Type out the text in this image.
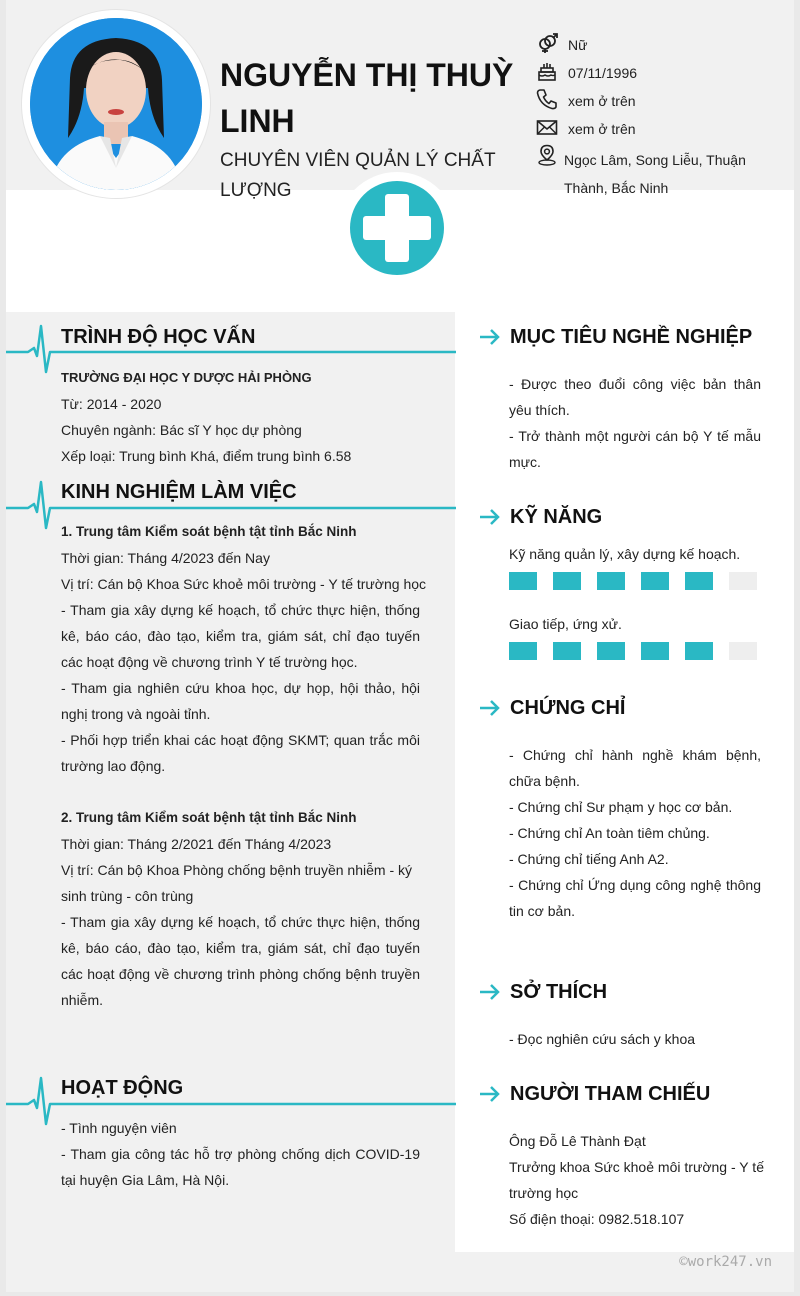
NGUYỄN THỊ THUỲ LINH
CHUYÊN VIÊN QUẢN LÝ CHẤT LƯỢNG
Nữ
07/11/1996
xem ở trên
xem ở trên
Ngọc Lâm, Song Liễu, Thuận Thành, Bắc Ninh
TRÌNH ĐỘ HỌC VẤN
TRƯỜNG ĐẠI HỌC Y DƯỢC HẢI PHÒNG
Từ: 2014 - 2020
Chuyên ngành: Bác sĩ Y học dự phòng
Xếp loại: Trung bình Khá, điểm trung bình 6.58
KINH NGHIỆM LÀM VIỆC
1. Trung tâm Kiểm soát bệnh tật tỉnh Bắc Ninh
Thời gian: Tháng 4/2023 đến Nay
Vị trí: Cán bộ Khoa Sức khoẻ môi trường - Y tế trường học
- Tham gia xây dựng kế hoạch, tổ chức thực hiện, thống kê, báo cáo, đào tạo, kiểm tra, giám sát, chỉ đạo tuyến các hoạt động về chương trình Y tế trường học.
- Tham gia nghiên cứu khoa học, dự họp, hội thảo, hội nghị trong và ngoài tỉnh.
- Phối hợp triển khai các hoạt động SKMT; quan trắc môi trường lao động.
2. Trung tâm Kiểm soát bệnh tật tỉnh Bắc Ninh
Thời gian: Tháng 2/2021 đến Tháng 4/2023
Vị trí: Cán bộ Khoa Phòng chống bệnh truyền nhiễm - ký sinh trùng - côn trùng
- Tham gia xây dựng kế hoạch, tổ chức thực hiện, thống kê, báo cáo, đào tạo, kiểm tra, giám sát, chỉ đạo tuyến các hoạt động về chương trình phòng chống bệnh truyền nhiễm.
HOẠT ĐỘNG
- Tình nguyện viên
- Tham gia công tác hỗ trợ phòng chống dịch COVID-19 tại huyện Gia Lâm, Hà Nội.
MỤC TIÊU NGHỀ NGHIỆP
- Được theo đuổi công việc bản thân yêu thích.
- Trở thành một người cán bộ Y tế mẫu mực.
KỸ NĂNG
Kỹ năng quản lý, xây dựng kế hoạch.
Giao tiếp, ứng xử.
CHỨNG CHỈ
- Chứng chỉ hành nghề khám bệnh, chữa bệnh.
- Chứng chỉ Sư phạm y học cơ bản.
- Chứng chỉ An toàn tiêm chủng.
- Chứng chỉ tiếng Anh A2.
- Chứng chỉ Ứng dụng công nghệ thông tin cơ bản.
SỞ THÍCH
- Đọc nghiên cứu sách y khoa
NGƯỜI THAM CHIẾU
Ông Đỗ Lê Thành Đạt
Trưởng khoa Sức khoẻ môi trường - Y tế trường học
Số điện thoại: 0982.518.107
©work247.vn
